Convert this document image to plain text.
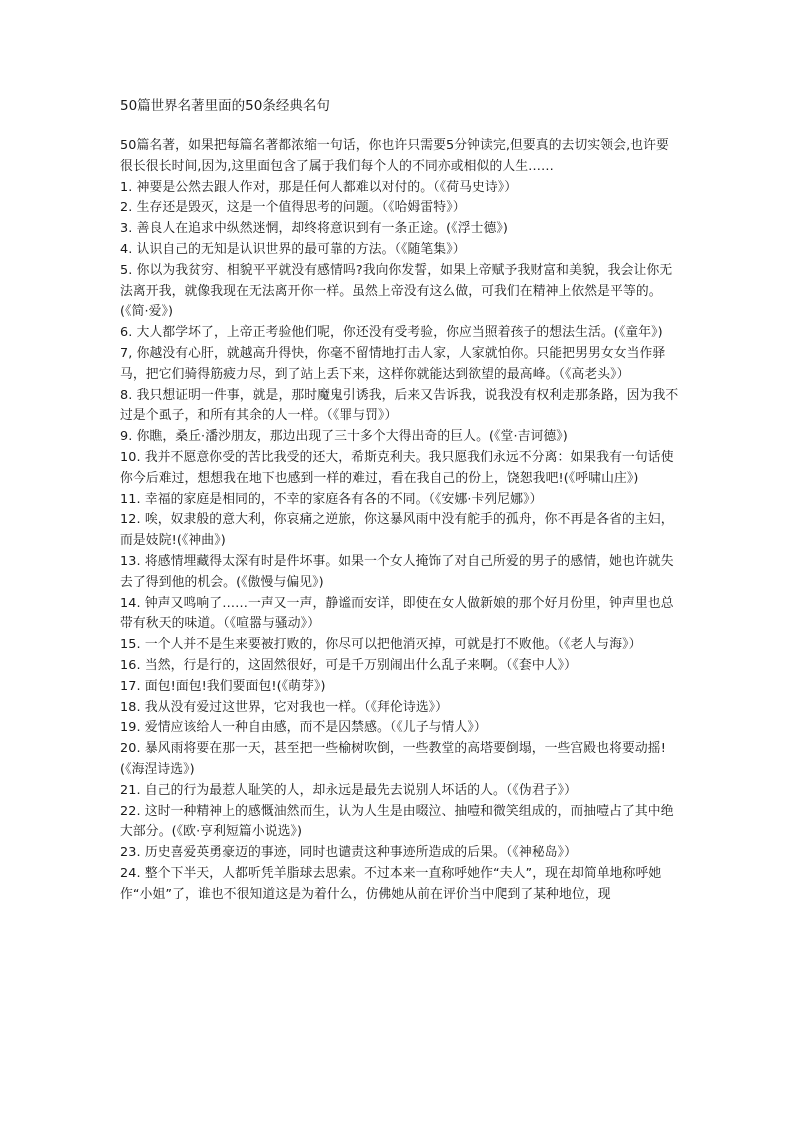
50篇世界名著里面的50条经典名句

50篇名著，如果把每篇名著都浓缩一句话，你也许只需要5分钟读完,但要真的去切实领会,也许要很长很长时间,因为,这里面包含了属于我们每个人的不同亦或相似的人生……

1. 神要是公然去跟人作对，那是任何人都难以对付的。（《荷马史诗》）

2. 生存还是毁灭，这是一个值得思考的问题。（《哈姆雷特》）

3. 善良人在追求中纵然迷惘，却终将意识到有一条正途。(《浮士德》)

4. 认识自己的无知是认识世界的最可靠的方法。（《随笔集》）

5. 你以为我贫穷、相貌平平就没有感情吗?我向你发誓，如果上帝赋予我财富和美貌，我会让你无法离开我，就像我现在无法离开你一样。虽然上帝没有这么做，可我们在精神上依然是平等的。(《简·爱》)

6. 大人都学坏了，上帝正考验他们呢，你还没有受考验，你应当照着孩子的想法生活。(《童年》)

7, 你越没有心肝，就越高升得快，你毫不留情地打击人家，人家就怕你。只能把男男女女当作驿马，把它们骑得筋疲力尽，到了站上丢下来，这样你就能达到欲望的最高峰。（《高老头》）

8. 我只想证明一件事，就是，那时魔鬼引诱我，后来又告诉我，说我没有权利走那条路，因为我不过是个虱子，和所有其余的人一样。（《罪与罚》）

9. 你瞧，桑丘·潘沙朋友，那边出现了三十多个大得出奇的巨人。(《堂·吉诃德》)

10. 我并不愿意你受的苦比我受的还大，希斯克利夫。我只愿我们永远不分离：如果我有一句话使你今后难过，想想我在地下也感到一样的难过，看在我自己的份上，饶恕我吧!(《呼啸山庄》)

11. 幸福的家庭是相同的，不幸的家庭各有各的不同。（《安娜·卡列尼娜》）

12. 唉，奴隶般的意大利，你哀痛之逆旅，你这暴风雨中没有舵手的孤舟，你不再是各省的主妇，而是妓院!(《神曲》)

13. 将感情埋藏得太深有时是件坏事。如果一个女人掩饰了对自己所爱的男子的感情，她也许就失去了得到他的机会。(《傲慢与偏见》)

14. 钟声又鸣响了……一声又一声，静谧而安详，即使在女人做新娘的那个好月份里，钟声里也总带有秋天的味道。（《喧嚣与骚动》）

15. 一个人并不是生来要被打败的，你尽可以把他消灭掉，可就是打不败他。（《老人与海》）

16. 当然，行是行的，这固然很好，可是千万别闹出什么乱子来啊。（《套中人》）

17. 面包!面包!我们要面包!(《萌芽》)

18. 我从没有爱过这世界，它对我也一样。（《拜伦诗选》）

19. 爱情应该给人一种自由感，而不是囚禁感。（《儿子与情人》）

20. 暴风雨将要在那一天，甚至把一些榆树吹倒，一些教堂的高塔要倒塌，一些宫殿也将要动摇!(《海涅诗选》)

21. 自己的行为最惹人耻笑的人，却永远是最先去说别人坏话的人。（《伪君子》）

22. 这时一种精神上的感慨油然而生，认为人生是由啜泣、抽噎和微笑组成的，而抽噎占了其中绝大部分。(《欧·亨利短篇小说选》)

23. 历史喜爱英勇豪迈的事迹，同时也谴责这种事迹所造成的后果。（《神秘岛》）

24. 整个下半天，人都听凭羊脂球去思索。不过本来一直称呼她作“夫人”，现在却简单地称呼她作“小姐”了，谁也不很知道这是为着什么，仿佛她从前在评价当中爬到了某种地位，现
